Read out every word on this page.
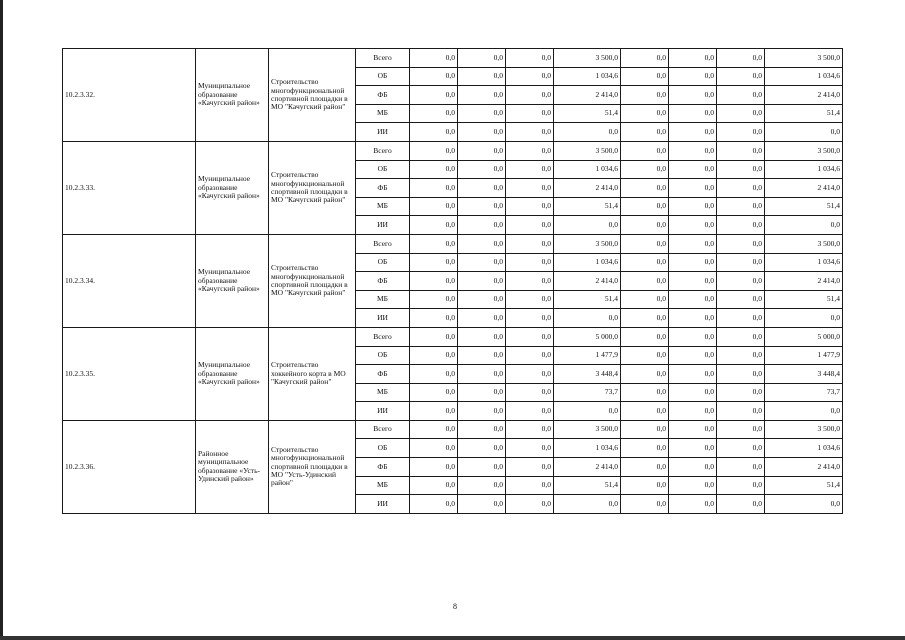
10.2.3.32.	Муниципальное образование «Качугский район»	Строительство многофункциональной спортивной площадки в МО "Качугский район"	Всего	0,0	0,0	0,0	3 500,0	0,0	0,0	0,0	3 500,0
			ОБ	0,0	0,0	0,0	1 034,6	0,0	0,0	0,0	1 034,6
			ФБ	0,0	0,0	0,0	2 414,0	0,0	0,0	0,0	2 414,0
			МБ	0,0	0,0	0,0	51,4	0,0	0,0	0,0	51,4
			ИИ	0,0	0,0	0,0	0,0	0,0	0,0	0,0	0,0
10.2.3.33.	Муниципальное образование «Качугский район»	Строительство многофункциональной спортивной площадки в МО "Качугский район"	Всего	0,0	0,0	0,0	3 500,0	0,0	0,0	0,0	3 500,0
			ОБ	0,0	0,0	0,0	1 034,6	0,0	0,0	0,0	1 034,6
			ФБ	0,0	0,0	0,0	2 414,0	0,0	0,0	0,0	2 414,0
			МБ	0,0	0,0	0,0	51,4	0,0	0,0	0,0	51,4
			ИИ	0,0	0,0	0,0	0,0	0,0	0,0	0,0	0,0
10.2.3.34.	Муниципальное образование «Качугский район»	Строительство многофункциональной спортивной площадки в МО "Качугский район"	Всего	0,0	0,0	0,0	3 500,0	0,0	0,0	0,0	3 500,0
			ОБ	0,0	0,0	0,0	1 034,6	0,0	0,0	0,0	1 034,6
			ФБ	0,0	0,0	0,0	2 414,0	0,0	0,0	0,0	2 414,0
			МБ	0,0	0,0	0,0	51,4	0,0	0,0	0,0	51,4
			ИИ	0,0	0,0	0,0	0,0	0,0	0,0	0,0	0,0
10.2.3.35.	Муниципальное образование «Качугский район»	Строительство хоккейного корта в МО "Качугский район"	Всего	0,0	0,0	0,0	5 000,0	0,0	0,0	0,0	5 000,0
			ОБ	0,0	0,0	0,0	1 477,9	0,0	0,0	0,0	1 477,9
			ФБ	0,0	0,0	0,0	3 448,4	0,0	0,0	0,0	3 448,4
			МБ	0,0	0,0	0,0	73,7	0,0	0,0	0,0	73,7
			ИИ	0,0	0,0	0,0	0,0	0,0	0,0	0,0	0,0
10.2.3.36.	Районное муниципальное образование «Усть-Удинский район»	Строительство многофункциональной спортивной площадки в МО "Усть-Удинский район"	Всего	0,0	0,0	0,0	3 500,0	0,0	0,0	0,0	3 500,0
			ОБ	0,0	0,0	0,0	1 034,6	0,0	0,0	0,0	1 034,6
			ФБ	0,0	0,0	0,0	2 414,0	0,0	0,0	0,0	2 414,0
			МБ	0,0	0,0	0,0	51,4	0,0	0,0	0,0	51,4
			ИИ	0,0	0,0	0,0	0,0	0,0	0,0	0,0	0,0
8
